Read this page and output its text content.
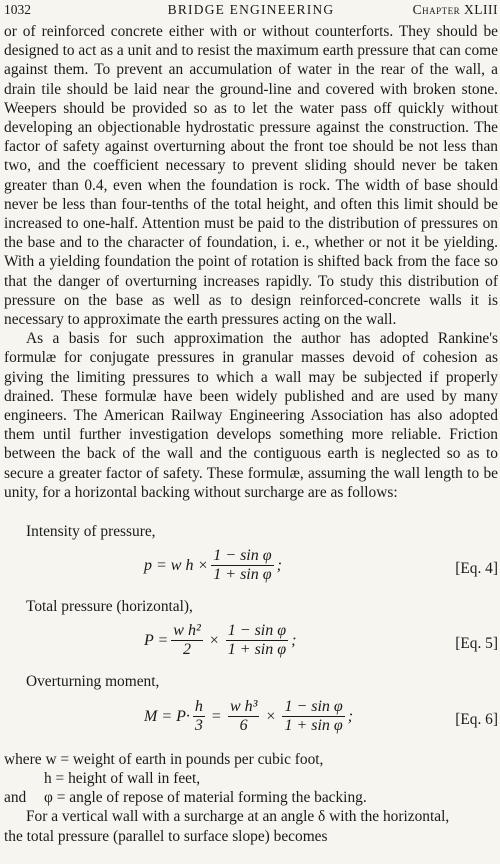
1032	BRIDGE ENGINEERING	Chapter XLIII

or of reinforced concrete either with or without counterforts. They should be designed to act as a unit and to resist the maximum earth pressure that can come against them. To prevent an accumulation of water in the rear of the wall, a drain tile should be laid near the ground-line and covered with broken stone. Weepers should be provided so as to let the water pass off quickly without developing an objectionable hydrostatic pressure against the construction. The factor of safety against overturning about the front toe should be not less than two, and the coefficient necessary to prevent sliding should never be taken greater than 0.4, even when the foundation is rock. The width of base should never be less than four-tenths of the total height, and often this limit should be increased to one-half. Attention must be paid to the distribution of pressures on the base and to the character of foundation, i. e., whether or not it be yielding. With a yielding foundation the point of rotation is shifted back from the face so that the danger of overturning increases rapidly. To study this distribution of pressure on the base as well as to design reinforced-concrete walls it is necessary to approximate the earth pressures acting on the wall.

As a basis for such approximation the author has adopted Rankine's formulæ for conjugate pressures in granular masses devoid of cohesion as giving the limiting pressures to which a wall may be subjected if properly drained. These formulæ have been widely published and are used by many engineers. The American Railway Engineering Association has also adopted them until further investigation develops something more reliable. Friction between the back of the wall and the contiguous earth is neglected so as to secure a greater factor of safety. These formulæ, assuming the wall length to be unity, for a horizontal backing without surcharge are as follows:

Intensity of pressure,
p = w $h \times \frac{\text{1 − sin φ}}{\text{1 + sin φ}}$ ;	[Eq. 4]
Total pressure (horizontal),
$P = \frac{\text{w h²}}{2} \times \frac{\text{1 − sin φ}}{\text{1 + sin φ}}$ ;	[Eq. 5]
Overturning moment,
$M = P\cdot \frac{h}{3} = \frac{\text{w h³}}{6} \times \frac{\text{1 − sin φ}}{\text{1 + sin φ}}$ ;	[Eq. 6]
where w = weight of earth in pounds per cubic foot,
h = height of wall in feet,
and	φ = angle of repose of material forming the backing.

For a vertical wall with a surcharge at an angle δ with the horizontal,

the total pressure (parallel to surface slope) becomes
